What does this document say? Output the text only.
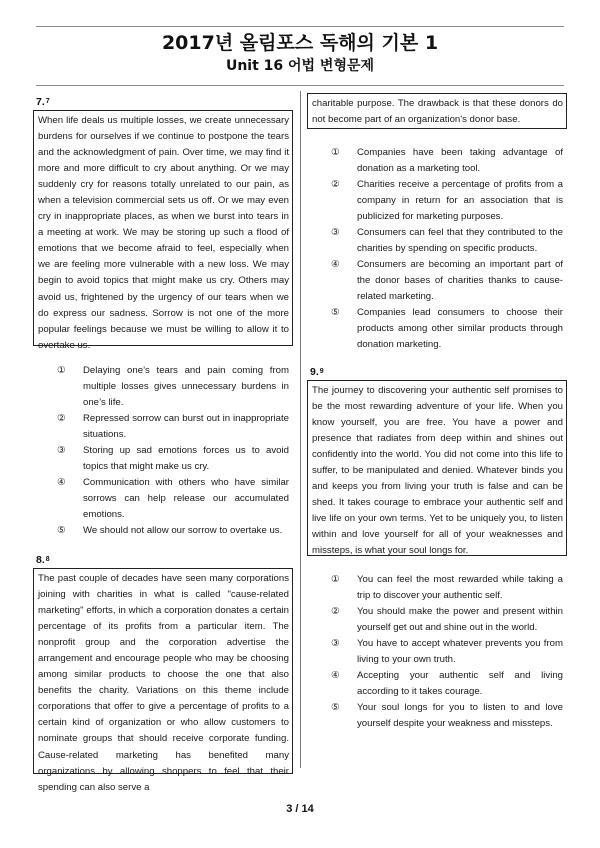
2017년 올림포스 독해의 기본 1
Unit 16 어법 변형문제
7.$^7$
When life deals us multiple losses, we create unnecessary burdens for ourselves if we continue to postpone the tears and the acknowledgment of pain. Over time, we may find it more and more difficult to cry about anything. Or we may suddenly cry for reasons totally unrelated to our pain, as when a television commercial sets us off. Or we may even cry in inappropriate places, as when we burst into tears in a meeting at work. We may be storing up such a flood of emotions that we become afraid to feel, especially when we are feeling more vulnerable with a new loss. We may begin to avoid topics that might make us cry. Others may avoid us, frightened by the urgency of our tears when we do express our sadness. Sorrow is not one of the more popular feelings because we must be willing to allow it to overtake us.
① Delaying one’s tears and pain coming from multiple losses gives unnecessary burdens in one’s life.
② Repressed sorrow can burst out in inappropriate situations.
③ Storing up sad emotions forces us to avoid topics that might make us cry.
④ Communication with others who have similar sorrows can help release our accumulated emotions.
⑤ We should not allow our sorrow to overtake us.
8.$^8$
The past couple of decades have seen many corporations joining with charities in what is called "cause-related marketing" efforts, in which a corporation donates a certain percentage of its profits from a particular item. The nonprofit group and the corporation advertise the arrangement and encourage people who may be choosing among similar products to choose the one that also benefits the charity. Variations on this theme include corporations that offer to give a percentage of profits to a certain kind of organization or who allow customers to nominate groups that should receive corporate funding. Cause-related marketing has benefited many organizations by allowing shoppers to feel that their spending can also serve a
charitable purpose. The drawback is that these donors do not become part of an organization's donor base.
① Companies have been taking advantage of donation as a marketing tool.
② Charities receive a percentage of profits from a company in return for an association that is publicized for marketing purposes.
③ Consumers can feel that they contributed to the charities by spending on specific products.
④ Consumers are becoming an important part of the donor bases of charities thanks to cause-related marketing.
⑤ Companies lead consumers to choose their products among other similar products through donation marketing.
9.$^9$
The journey to discovering your authentic self promises to be the most rewarding adventure of your life. When you know yourself, you are free. You have a power and presence that radiates from deep within and shines out confidently into the world. You did not come into this life to suffer, to be manipulated and denied. Whatever binds you and keeps you from living your truth is false and can be shed. It takes courage to embrace your authentic self and live life on your own terms. Yet to be uniquely you, to listen within and love yourself for all of your weaknesses and missteps, is what your soul longs for.
① You can feel the most rewarded while taking a trip to discover your authentic self.
② You should make the power and present within yourself get out and shine out in the world.
③ You have to accept whatever prevents you from living to your own truth.
④ Accepting your authentic self and living according to it takes courage.
⑤ Your soul longs for you to listen to and love yourself despite your weakness and missteps.
3 / 14
